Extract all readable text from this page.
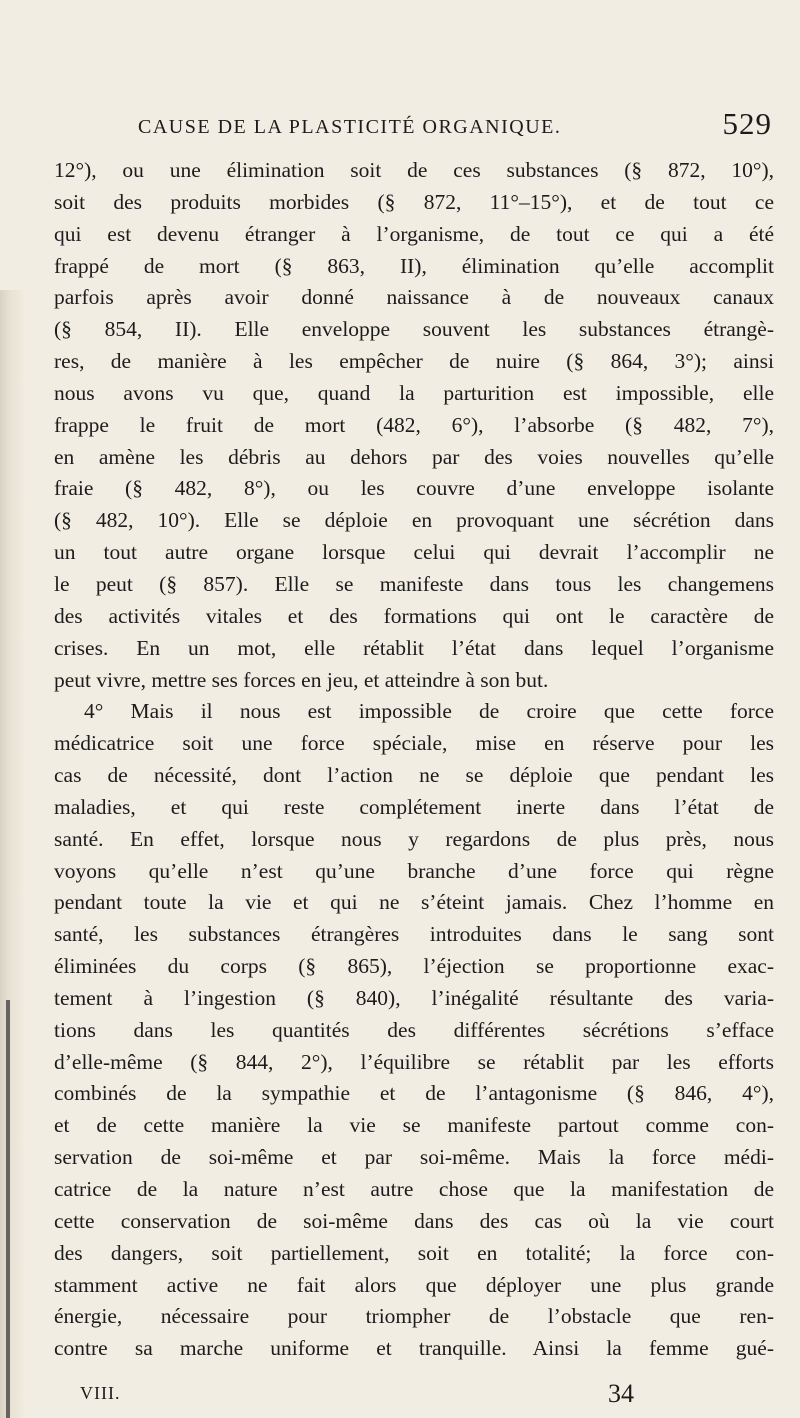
CAUSE DE LA PLASTICITÉ ORGANIQUE.	529
12°), ou une élimination soit de ces substances (§ 872, 10°),
soit des produits morbides (§ 872, 11°–15°), et de tout ce
qui est devenu étranger à l’organisme, de tout ce qui a été
frappé de mort (§ 863, II), élimination qu’elle accomplit
parfois après avoir donné naissance à de nouveaux canaux
(§ 854, II). Elle enveloppe souvent les substances étrangè-
res, de manière à les empêcher de nuire (§ 864, 3°); ainsi
nous avons vu que, quand la parturition est impossible, elle
frappe le fruit de mort (482, 6°), l’absorbe (§ 482, 7°),
en amène les débris au dehors par des voies nouvelles qu’elle
fraie (§ 482, 8°), ou les couvre d’une enveloppe isolante
(§ 482, 10°). Elle se déploie en provoquant une sécrétion dans
un tout autre organe lorsque celui qui devrait l’accomplir ne
le peut (§ 857). Elle se manifeste dans tous les changemens
des activités vitales et des formations qui ont le caractère de
crises. En un mot, elle rétablit l’état dans lequel l’organisme
peut vivre, mettre ses forces en jeu, et atteindre à son but.
4° Mais il nous est impossible de croire que cette force
médicatrice soit une force spéciale, mise en réserve pour les
cas de nécessité, dont l’action ne se déploie que pendant les
maladies, et qui reste complétement inerte dans l’état de
santé. En effet, lorsque nous y regardons de plus près, nous
voyons qu’elle n’est qu’une branche d’une force qui règne
pendant toute la vie et qui ne s’éteint jamais. Chez l’homme en
santé, les substances étrangères introduites dans le sang sont
éliminées du corps (§ 865), l’éjection se proportionne exac-
tement à l’ingestion (§ 840), l’inégalité résultante des varia-
tions dans les quantités des différentes sécrétions s’efface
d’elle-même (§ 844, 2°), l’équilibre se rétablit par les efforts
combinés de la sympathie et de l’antagonisme (§ 846, 4°),
et de cette manière la vie se manifeste partout comme con-
servation de soi-même et par soi-même. Mais la force médi-
catrice de la nature n’est autre chose que la manifestation de
cette conservation de soi-même dans des cas où la vie court
des dangers, soit partiellement, soit en totalité; la force con-
stamment active ne fait alors que déployer une plus grande
énergie, nécessaire pour triompher de l’obstacle que ren-
contre sa marche uniforme et tranquille. Ainsi la femme gué-
VIII.	34
